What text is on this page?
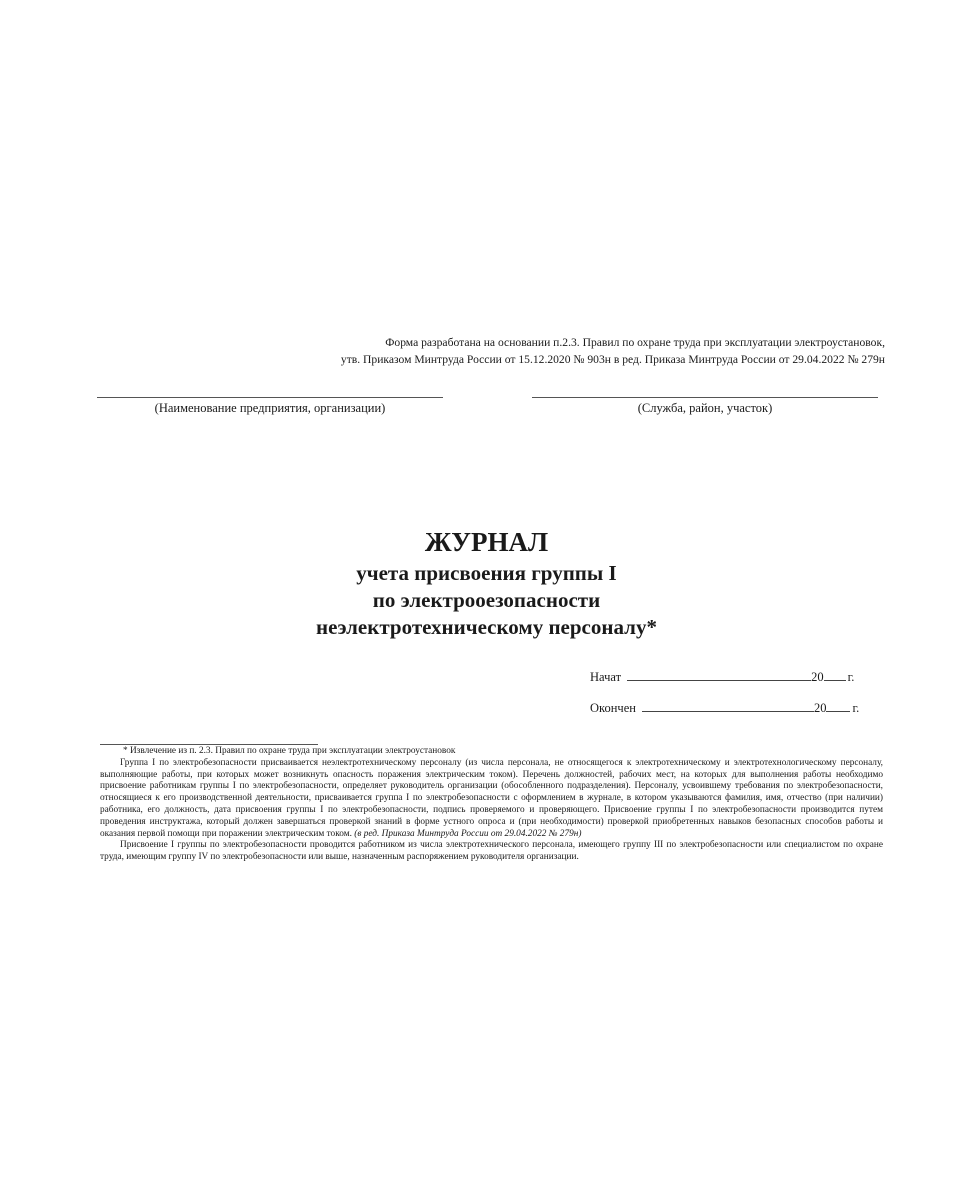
Форма разработана на основании п.2.3. Правил по охране труда при эксплуатации электроустановок,
утв. Приказом Минтруда России от 15.12.2020 № 903н в ред. Приказа Минтруда России от 29.04.2022 № 279н
(Наименование предприятия, организации)	(Служба, район, участок)
ЖУРНАЛ
учета присвоения группы I
по электрооезопасности
неэлектротехническому персоналу*
Начат	20 г.
Окончен	20 г.

* Извлечение из п. 2.3. Правил по охране труда при эксплуатации электроустановок

Группа I по электробезопасности присваивается неэлектротехническому персоналу (из числа персонала, не относящегося к электротехническому и электротехнологическому персоналу, выполняющие работы, при которых может возникнуть опасность поражения электрическим током). Перечень должностей, рабочих мест, на которых для выполнения работы необходимо присвоение работникам группы I по электробезопасности, определяет руководитель организации (обособленного подразделения). Персоналу, усвоившему требования по электробезопасности, относящиеся к его производственной деятельности, присваивается группа I по электробезопасности с оформлением в журнале, в котором указываются фамилия, имя, отчество (при наличии) работника, его должность, дата присвоения группы I по электробезопасности, подпись проверяемого и проверяющего. Присвоение группы I по электробезопасности производится путем проведения инструктажа, который должен завершаться проверкой знаний в форме устного опроса и (при необходимости) проверкой приобретенных навыков безопасных способов работы и оказания первой помощи при поражении электрическим током. (в ред. Приказа Минтруда России от 29.04.2022 № 279н)

Присвоение I группы по электробезопасности проводится работником из числа электротехнического персонала, имеющего группу III по электробезопасности или специалистом по охране труда, имеющим группу IV по электробезопасности или выше, назначенным распоряжением руководителя организации.
